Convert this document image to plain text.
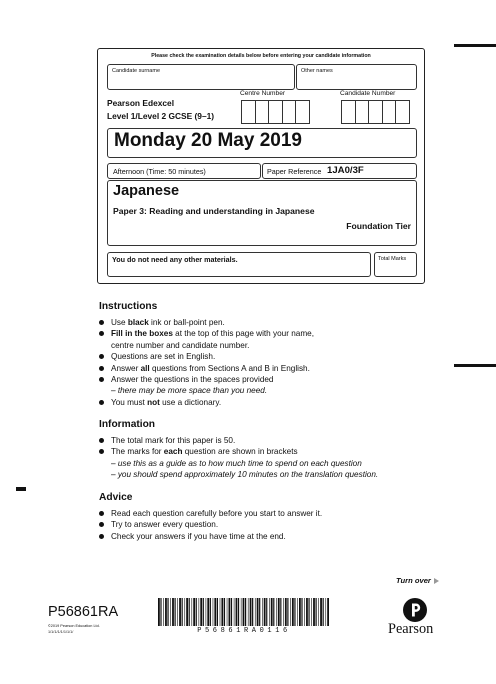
Please check the examination details below before entering your candidate information
Candidate surname	Other names
Pearson Edexcel
Level 1/Level 2 GCSE (9–1)
Centre Number	Candidate Number
Monday 20 May 2019
Afternoon (Time: 50 minutes)	Paper Reference 1JA0/3F
Japanese
Paper 3: Reading and understanding in Japanese
Foundation Tier
You do not need any other materials.	Total Marks
Instructions
Use black ink or ball-point pen.
Fill in the boxes at the top of this page with your name,
centre number and candidate number.
Questions are set in English.
Answer all questions from Sections A and B in English.
Answer the questions in the spaces provided
– there may be more space than you need.
You must not use a dictionary.
Information
The total mark for this paper is 50.
The marks for each question are shown in brackets
– use this as a guide as to how much time to spend on each question
– you should spend approximately 10 minutes on the translation question.
Advice
Read each question carefully before you start to answer it.
Try to answer every question.
Check your answers if you have time at the end.
Turn over
P56861RA
©2019 Pearson Education Ltd.
1/1/1/1/1/1/1/1/	P56861RA0116	Pearson
